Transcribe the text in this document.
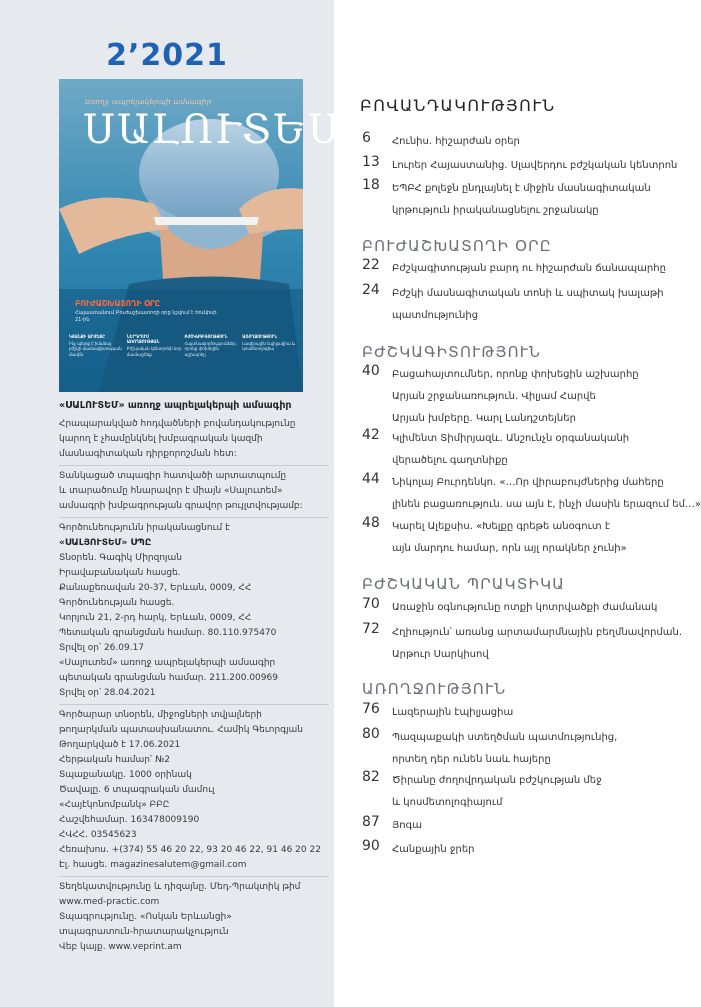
2’2021
Առողջ ապրելակերպի ամսագիր
ՍԱԼՈՒՏԵՄ
ԲՈՒԺԱՇԽԱՏՈՂԻ ՕՐԸ
Հայաստանում Բուժաշխատողի օրը նշվում է հունիսի 21-ին
ԿՅԱՆՔԻ ԱՐԺԵՔԸ
Ինչ պետք է իմանալ բժշկի մասնագիտության մասին
ՆԵՐԴՐՈՒՄ ԱՌՈՂՋՈՒԹՅԱՆ
Բժշկական կենտրոնի նոր մասնաշենք
ԲԺՇԿԱԳԻՏՈՒԹՅՈՒՆ
Հայտնագործություններ, որոնք փոխեցին աշխարհը
ԱՌՈՂՋՈՒԹՅՈՒՆ
Լազերային էպիլյացիա և կոսմետոլոգիա
«ՍԱԼՈՒՏԵՄ» առողջ ապրելակերպի ամսագիր
Հրապարակված հոդվածների բովանդակությունը
կարող է չհամընկնել խմբագրական կազմի
մասնագիտական դիրքորոշման հետ:
Տանկացած տպագիր հատվածի արտատպումը
և տարածումը հնարավոր է միայն «Սալուտեմ»
ամսագրի խմբագրության գրավոր թույլտվությամբ:
Գործունեությունն իրականացնում է
«ՍԱԼՅՈՒՏԵՄ» ՍՊԸ
Տնօրեն. Գագիկ Միրզոյան
Իրավաբանական հասցե.
Քանաքեռավան 20-37, Երևան, 0009, ՀՀ
Գործունեության հասցե.
Կորյուն 21, 2-րդ հարկ, Երևան, 0009, ՀՀ
Պետական գրանցման համար. 80.110.975470
Տրվել օր՝ 26.09.17
«Սալուտեմ» առողջ ապրելակերպի ամսագիր
պետական գրանցման համար. 211.200.00969
Տրվել օր՝ 28.04.2021
Գործարար տնօրեն, միջոցների տվյալների
թողարկման պատասխանատու. Համիկ Գեւորգյան
Թողարկված է 17.06.2021
Հերթական համար՝ №2
Տպաքանակը. 1000 օրինակ
Ծավալը. 6 տպագրական մամուլ
«Հայէկոնոմբանկ» ԲԲԸ
Հաշվեհամար. 163478009190
ՀՎՀՀ. 03545623
Հեռախոս. +(374) 55 46 20 22, 93 20 46 22, 91 46 20 22
Էլ. հասցե. magazinesalutem@gmail.com
Տեղեկատվությունը և դիզայնը. Մեդ-Պրակտիկ թիմ
www.med-practic.com
Տպագրությունը. «Ոսկան Երևանցի»
տպագրատուն-հրատարակչություն
Վեբ կայք. www.veprint.am
ԲՈՎԱՆԴԱԿՈՒԹՅՈՒՆ
6	Հունիս. հիշարժան օրեր
13	Լուրեր Հայաստանից. Սլավերդու բժշկական կենտրոն
18	ԵՊԲՀ քոլեջն ընդլայնել է միջին մասնագիտական
կրթություն իրականացնելու շրջանակը
ԲՈՒԺԱՇԽԱՏՈՂԻ ՕՐԸ
22	Բժշկագիտության բարդ ու հիշարժան ճանապարհը
24	Բժշկի մասնագիտական տոնի և սպիտակ խալաթի
պատմությունից
ԲԺՇԿԱԳԻՏՈՒԹՅՈՒՆ
40	Բացահայտումներ, որոնք փոխեցին աշխարհը
Արյան շրջանառություն. Վիլյամ Հարվե
Արյան խմբերը. Կարլ Լանդշտեյներ
42	Կլիմենտ Տիմիրյազև. Անշունչն օրգանականի
վերածելու գաղտնիքը
44	Նիկոլայ Բուրդենկո. «…Որ վիրաբույժներից մահերը
լինեն բացառություն. սա այն է, ինչի մասին երազում եմ…»
48	Կարել Ալեքսիս. «Խելքը գրեթե անօգուտ է
այն մարդու համար, որն այլ որակներ չունի»
ԲԺՇԿԱԿԱՆ ՊՐԱԿՏԻԿԱ
70	Առաջին օգնությունը ոտքի կոտրվածքի ժամանակ
72	Հղիություն՝ առանց արտամարմնային բեղմնավորման.
Արթուր Սարկիսով
ԱՌՈՂՋՈՒԹՅՈՒՆ
76	Լազերային էպիլյացիա
80	Պազպաքակի ստեղծման պատմությունից,
որտեղ դեր ունեն նաև հայերը
82	Ծիրանը ժողովրդական բժշկության մեջ
և կոսմետոլոգիայում
87	Յոգա
90	Հանքային ջրեր
